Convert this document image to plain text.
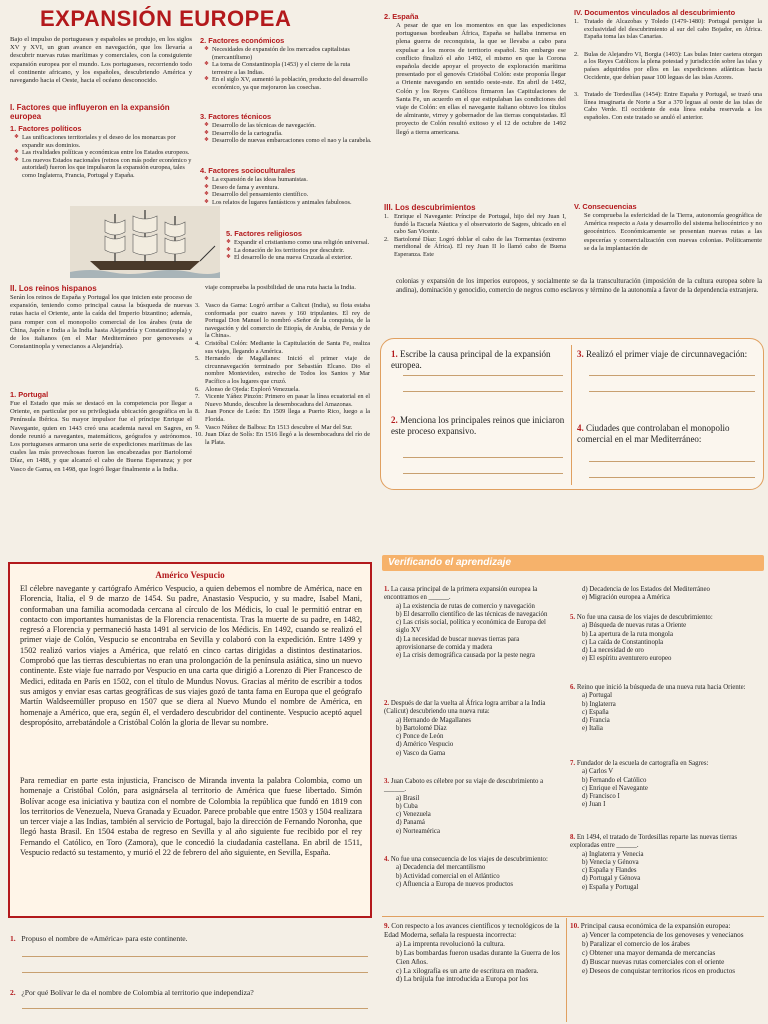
EXPANSIÓN EUROPEA
Bajo el impulso de portugueses y españoles se produjo, en los siglos XV y XVI, un gran avance en navegación, que los llevaría a descubrir nuevas rutas marítimas y comerciales, con la consiguiente expansión europea por el mundo. Los portugueses, recorriendo todo el continente africano, y los españoles, descubriendo América y navegando hacia el Oeste, hacia el océano desconocido.
I. Factores que influyeron en la expansión europea
1. Factores políticos
❖ Las unificaciones territoriales y el deseo de los monarcas por expandir sus dominios.
❖ Las rivalidades políticas y económicas entre los Estados europeos.
❖ Los nuevos Estados nacionales (reinos con más poder económico y autoridad) fueron los que impulsaron la expansión europea, tales como Inglaterra, Francia, Portugal y España.
II. Los reinos hispanos
Serán los reinos de España y Portugal los que inicien este proceso de expansión, teniendo como principal causa la búsqueda de nuevas rutas hacia el Oriente, ante la caída del Imperio bizantino; además, para romper con el monopolio comercial de los árabes (ruta de China, Japón e India a la India hasta Alejandría y Constantinopla) y de los italianos (en el Mar Mediterráneo por genoveses a Constantinopla y venecianos a Alejandría).
1. Portugal
Fue el Estado que más se destacó en la competencia por llegar a Oriente, en particular por su privilegiada ubicación geográfica en la Península Ibérica. Su mayor impulsor fue el príncipe Enrique el Navegante, quien en 1443 creó una academia naval en Sagres, en donde reunió a navegantes, matemáticos, geógrafos y astrónomos. Los portugueses armaron una serie de expediciones marítimas de las cuales las más provechosas fueron las encabezadas por Bartolomé Díaz, en 1488, y que alcanzó el cabo de Buena Esperanza; y por Vasco de Gama, en 1498, que logró llegar finalmente a la India.
2. Factores económicos
❖ Necesidades de expansión de los mercados capitalistas (mercantilismo)
❖ La toma de Constantinopla (1453) y el cierre de la ruta terrestre a las Indias.
❖ En el siglo XV, aumentó la población, producto del desarrollo económico, ya que mejoraron las cosechas.
3. Factores técnicos
❖ Desarrollo de las técnicas de navegación.
❖ Desarrollo de la cartografía.
❖ Desarrollo de nuevas embarcaciones como el nao y la carabela.
4. Factores socioculturales
❖ La expansión de las ideas humanistas.
❖ Deseo de fama y aventura.
❖ Desarrollo del pensamiento científico.
❖ Los relatos de lugares fantásticos y animales fabulosos.
5. Factores religiosos
❖ Expandir el cristianismo como una religión universal.
❖ La donación de los territorios por descubrir.
❖ El desarrollo de una nueva Cruzada al exterior.
viaje comprueba la posibilidad de una ruta hacia la India.
3. Vasco da Gama: Logró arribar a Calicut (India), su flota estaba conformada por cuatro naves y 160 tripulantes. El rey de Portugal Don Manuel lo nombró «Señor de la conquista, de la navegación y del comercio de Etiopía, de Arabia, de Persia y de la China».
4. Cristóbal Colón: Mediante la Capitulación de Santa Fe, realiza sus viajes, llegando a América.
5. Hernando de Magallanes: Inició el primer viaje de circunnavegación terminado por Sebastián Elcano. Dio el nombre Montevideo, estrecho de Todos los Santos y Mar Pacífico a los lugares que cruzó.
6. Alonso de Ojeda: Exploró Venezuela.
7. Vicente Yáñez Pinzón: Primero en pasar la línea ecuatorial en el Nuevo Mundo, descubre la desembocadura del Amazonas.
8. Juan Ponce de León: En 1509 llega a Puerto Rico, luego a la Florida.
9. Vasco Núñez de Balboa: En 1513 descubre el Mar del Sur.
10. Juan Díaz de Solís: En 1516 llegó a la desembocadura del río de la Plata.
2. España
A pesar de que en los momentos en que las expediciones portuguesas bordeaban África, España se hallaba inmersa en plena guerra de reconquista, la que se llevaba a cabo para expulsar a los moros de territorio español. Sin embargo ese conflicto finalizó el año 1492, el mismo en que la Corona española decide apoyar el proyecto de exploración marítima presentado por el genovés Cristóbal Colón: este proponía llegar a Oriente navegando en sentido oeste-este. En abril de 1492, Colón y los Reyes Católicos firmaron las Capitulaciones de Santa Fe, un acuerdo en el que estipulaban las condiciones del viaje de Colón: en ellas el navegante italiano obtuvo los títulos de almirante, virrey y gobernador de las tierras conquistadas. El proyecto de Colón resultó exitoso y el 12 de octubre de 1492 llegó a tierra americana.
III. Los descubrimientos
1. Enrique el Navegante: Príncipe de Portugal, hijo del rey Juan I, fundó la Escuela Náutica y el observatorio de Sagres, ubicado en el cabo San Vicente.
2. Bartolomé Díaz: Logró doblar el cabo de las Tormentas (extremo meridional de África). El rey Juan II lo llamó cabo de Buena Esperanza. Este
IV. Documentos vinculados al descubrimiento
1. Tratado de Alcazobas y Toledo (1479-1480): Portugal persigue la exclusividad del descubrimiento al sur del cabo Bojador, en África. España toma las islas Canarias.
2. Bulas de Alejandro VI, Borgia (1493): Las bulas Inter caetera otorgan a los Reyes Católicos la plena potestad y jurisdicción sobre las islas y países adquiridos por ellos en las expediciones atlánticas hacia Occidente, que debían pasar 100 leguas de las islas Azores.
3. Tratado de Tordesillas (1454): Entre España y Portugal, se trazó una línea imaginaria de Norte a Sur a 370 leguas al oeste de las islas de Cabo Verde. El occidente de esta línea estaba reservada a los españoles. Con este tratado se anuló el anterior.
V. Consecuencias
Se comprueba la esfericidad de la Tierra, autonomía geográfica de América respecto a Asia y desarrollo del sistema heliocéntrico y no geocéntrico. Económicamente se presentan nuevas rutas a las especerías y comercialización con nuevas colonias. Políticamente se da la implantación de
colonias y expansión de los imperios europeos, y socialmente se da la transculturación (imposición de la cultura europea sobre la andina), dominación y genocidio, comercio de negros como esclavos y término de la autonomía a favor de la dependencia extranjera.
1. Escribe la causa principal de la expansión europea.
2. Menciona los principales reinos que iniciaron este proceso expansivo.
3. Realizó el primer viaje de circunnavegación:
4. Ciudades que controlaban el monopolio comercial en el mar Mediterráneo:
Américo Vespucio
El célebre navegante y cartógrafo Américo Vespucio, a quien debemos el nombre de América, nace en Florencia, Italia, el 9 de marzo de 1454. Su padre, Anastasio Vespucio, y su madre, Isabel Mani, conformaban una familia acomodada cercana al círculo de los Médicis, lo cual le permitió entrar en contacto con importantes humanistas de la Florencia renacentista. Tras la muerte de su padre, en 1482, regresó a Florencia y permaneció hasta 1491 al servicio de los Médicis. En 1492, cuando se realizó el primer viaje de Colón, Vespucio se encontraba en Sevilla y colaboró con la expedición. Entre 1499 y 1502 realizó varios viajes a América, que relató en cinco cartas dirigidas a distintos destinatarios. Comprobó que las tierras descubiertas no eran una prolongación de la península asiática, sino un nuevo continente. Este viaje fue narrado por Vespucio en una carta que dirigió a Lorenzo di Pier Francesco de Medici, editada en París en 1502, con el título de Mundus Novus. Gracias al mérito de escribir a todos sus amigos y enviar esas cartas geográficas de sus viajes gozó de tanta fama en Europa que el geógrafo Martín Waldseemüller propuso en 1507 que se diera al Nuevo Mundo el nombre de América, en homenaje a Américo, que era, según él, el verdadero descubridor del continente. Vespucio aceptó aquel despropósito, arrebatándole a Cristóbal Colón la gloria de llevar su nombre.
Para remediar en parte esta injusticia, Francisco de Miranda inventa la palabra Colombia, como un homenaje a Cristóbal Colón, para asignársela al territorio de América que fuese libertado. Simón Bolívar acoge esa iniciativa y bautiza con el nombre de Colombia la república que fundó en 1819 con los territorios de Venezuela, Nueva Granada y Ecuador. Parece probable que entre 1503 y 1504 realizara un tercer viaje a las Indias, también al servicio de Portugal, bajo la dirección de Fernando Noronha, que llegó hasta Brasil. En 1504 estaba de regreso en Sevilla y al año siguiente fue recibido por el rey Fernando el Católico, en Toro (Zamora), que le concedió la ciudadanía castellana. En abril de 1511, Vespucio redactó su testamento, y murió el 22 de febrero del año siguiente, en Sevilla, España.
1. Propuso el nombre de «América» para este continente.
2. ¿Por qué Bolívar le da el nombre de Colombia al territorio que independiza?
Verificando el aprendizaje
1. La causa principal de la primera expansión europea la encontramos en ______.
a) La existencia de rutas de comercio y navegación
b) El desarrollo científico de las técnicas de navegación
c) Las crisis social, política y económica de Europa del siglo XV
d) La necesidad de buscar nuevas tierras para aprovisionarse de comida y madera
e) La crisis demográfica causada por la peste negra
2. Después de dar la vuelta al África logra arribar a la India (Calicut) descubriendo una nueva ruta:
a) Hernando de Magallanes
b) Bartolomé Díaz
c) Ponce de León
d) Américo Vespucio
e) Vasco da Gama
3. Juan Caboto es célebre por su viaje de descubrimiento a ______.
a) Brasil
b) Cuba
c) Venezuela
d) Panamá
e) Norteamérica
4. No fue una consecuencia de los viajes de descubrimiento:
a) Decadencia del mercantilismo
b) Actividad comercial en el Atlántico
c) Afluencia a Europa de nuevos productos
d) Decadencia de los Estados del Mediterráneo
e) Migración europea a América
5. No fue una causa de los viajes de descubrimiento:
a) Búsqueda de nuevas rutas a Oriente
b) La apertura de la ruta mongola
c) La caída de Constantinopla
d) La necesidad de oro
e) El espíritu aventurero europeo
6. Reino que inició la búsqueda de una nueva ruta hacia Oriente:
a) Portugal
b) Inglaterra
c) España
d) Francia
e) Italia
7. Fundador de la escuela de cartografía en Sagres:
a) Carlos V
b) Fernando el Católico
c) Enrique el Navegante
d) Francisco I
e) Juan I
8. En 1494, el tratado de Tordesillas reparte las nuevas tierras exploradas entre ______.
a) Inglaterra y Venecia
b) Venecia y Génova
c) España y Flandes
d) Portugal y Génova
e) España y Portugal
9. Con respecto a los avances científicos y tecnológicos de la Edad Moderna, señala la respuesta incorrecta:
a) La imprenta revolucionó la cultura.
b) Las bombardas fueron usadas durante la Guerra de los Cien Años.
c) La xilografía es un arte de escritura en madera.
d) La brújula fue introducida a Europa por los
10. Principal causa económica de la expansión europea:
a) Vencer la competencia de los genoveses y venecianos
b) Paralizar el comercio de los árabes
c) Obtener una mayor demanda de mercancías
d) Buscar nuevas rutas comerciales con el oriente
e) Deseos de conquistar territorios ricos en productos
